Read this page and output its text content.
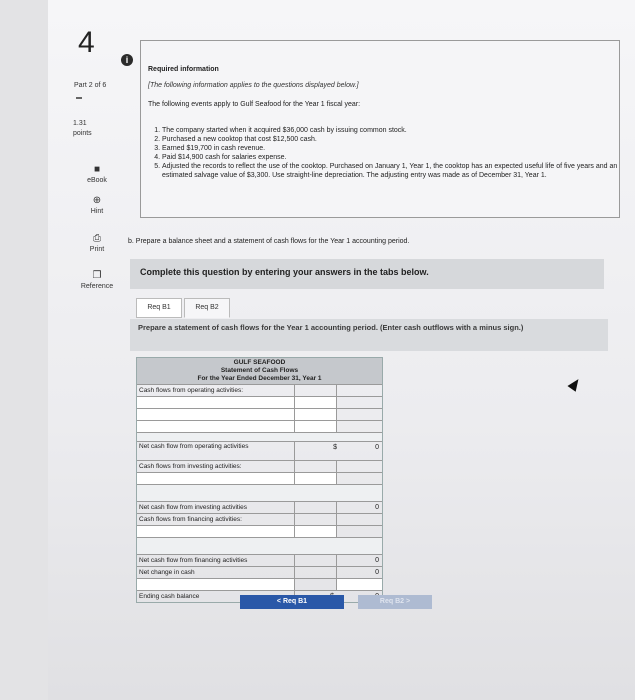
4
i
Part 2 of 6
1.31
points
■
eBook
⊕
Hint
⎙
Print
❐
Reference
Required information
[The following information applies to the questions displayed below.]
The following events apply to Gulf Seafood for the Year 1 fiscal year:
1. The company started when it acquired $36,000 cash by issuing common stock.
2. Purchased a new cooktop that cost $12,500 cash.
3. Earned $19,700 in cash revenue.
4. Paid $14,900 cash for salaries expense.
5. Adjusted the records to reflect the use of the cooktop. Purchased on January 1, Year 1, the cooktop has an expected useful life of five years and an estimated salvage value of $3,300. Use straight-line depreciation. The adjusting entry was made as of December 31, Year 1.
b. Prepare a balance sheet and a statement of cash flows for the Year 1 accounting period.
Complete this question by entering your answers in the tabs below.
Req B1	Req B2
Prepare a statement of cash flows for the Year 1 accounting period. (Enter cash outflows with a minus sign.)
GULF SEAFOOD
Statement of Cash Flows
For the Year Ended December 31, Year 1
Cash flows from operating activities:
Net cash flow from operating activities	$	0
Cash flows from investing activities:
Net cash flow from investing activities	0
Cash flows from financing activities:
Net cash flow from financing activities	0
Net change in cash	0
Ending cash balance
< Req B1	Req B2 >
